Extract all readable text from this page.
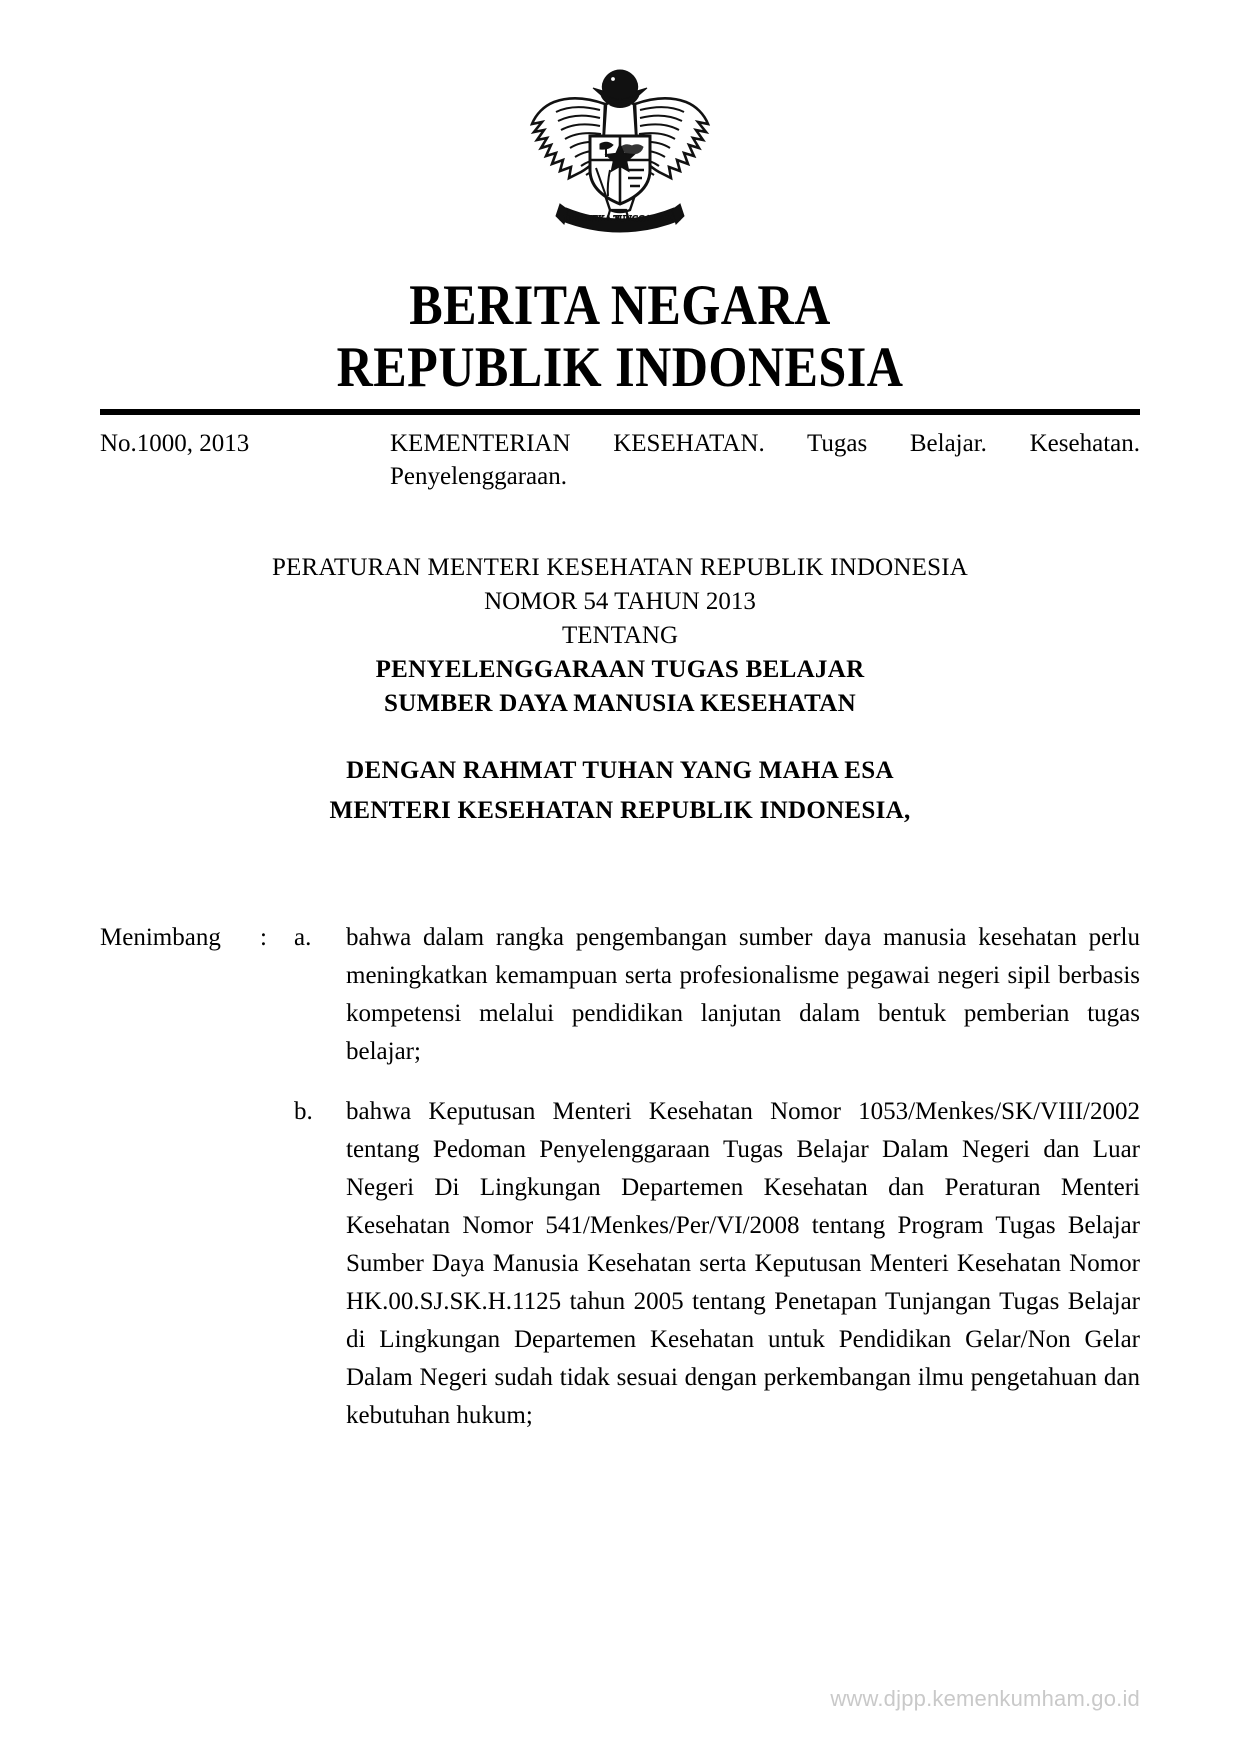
BHINNEKA TUNGGAL IKA
BERITA NEGARA
REPUBLIK INDONESIA
No.1000, 2013	KEMENTERIAN KESEHATAN. Tugas Belajar. Kesehatan. Penyelenggaraan.
PERATURAN MENTERI KESEHATAN REPUBLIK INDONESIA
NOMOR 54 TAHUN 2013
TENTANG
PENYELENGGARAAN TUGAS BELAJAR
SUMBER DAYA MANUSIA KESEHATAN
DENGAN RAHMAT TUHAN YANG MAHA ESA
MENTERI KESEHATAN REPUBLIK INDONESIA,
Menimbang	:	a.	bahwa dalam rangka pengembangan sumber daya manusia kesehatan perlu meningkatkan kemampuan serta profesionalisme pegawai negeri sipil berbasis kompetensi melalui pendidikan lanjutan dalam bentuk pemberian tugas belajar;
b.	bahwa Keputusan Menteri Kesehatan Nomor 1053/Menkes/SK/VIII/2002 tentang Pedoman Penyelenggaraan Tugas Belajar Dalam Negeri dan Luar Negeri Di Lingkungan Departemen Kesehatan dan Peraturan Menteri Kesehatan Nomor 541/Menkes/Per/VI/2008 tentang Program Tugas Belajar Sumber Daya Manusia Kesehatan serta Keputusan Menteri Kesehatan Nomor HK.00.SJ.SK.H.1125 tahun 2005 tentang Penetapan Tunjangan Tugas Belajar di Lingkungan Departemen Kesehatan untuk Pendidikan Gelar/Non Gelar Dalam Negeri sudah tidak sesuai dengan perkembangan ilmu pengetahuan dan kebutuhan hukum;
www.djpp.kemenkumham.go.id
